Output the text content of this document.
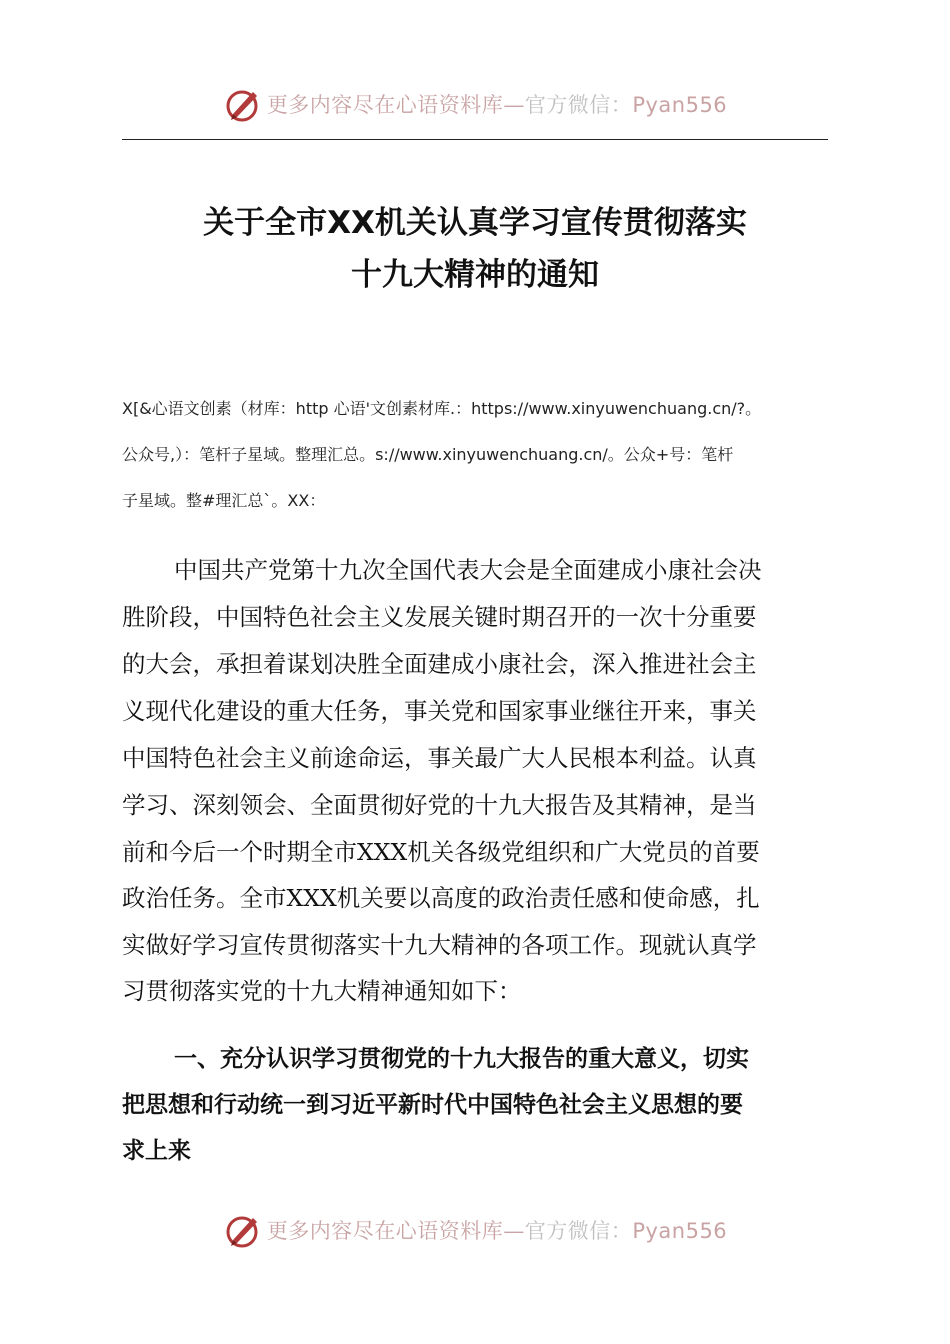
更多内容尽在心语资料库—官方微信：Pyan556
关于全市XX机关认真学习宣传贯彻落实
十九大精神的通知
X[&心语文创素（材库：http 心语'文创素材库.：https://www.xinyuwenchuang.cn/?。
公众号,）：笔杆子星域。整理汇总。s://www.xinyuwenchuang.cn/。公众+号：笔杆
子星域。整#理汇总`。XX：
中国共产党第十九次全国代表大会是全面建成小康社会决
胜阶段，中国特色社会主义发展关键时期召开的一次十分重要
的大会，承担着谋划决胜全面建成小康社会，深入推进社会主
义现代化建设的重大任务，事关党和国家事业继往开来，事关
中国特色社会主义前途命运，事关最广大人民根本利益。认真
学习、深刻领会、全面贯彻好党的十九大报告及其精神，是当
前和今后一个时期全市XXX机关各级党组织和广大党员的首要
政治任务。全市XXX机关要以高度的政治责任感和使命感，扎
实做好学习宣传贯彻落实十九大精神的各项工作。现就认真学
习贯彻落实党的十九大精神通知如下：
一、充分认识学习贯彻党的十九大报告的重大意义，切实
把思想和行动统一到习近平新时代中国特色社会主义思想的要
求上来
更多内容尽在心语资料库—官方微信：Pyan556
